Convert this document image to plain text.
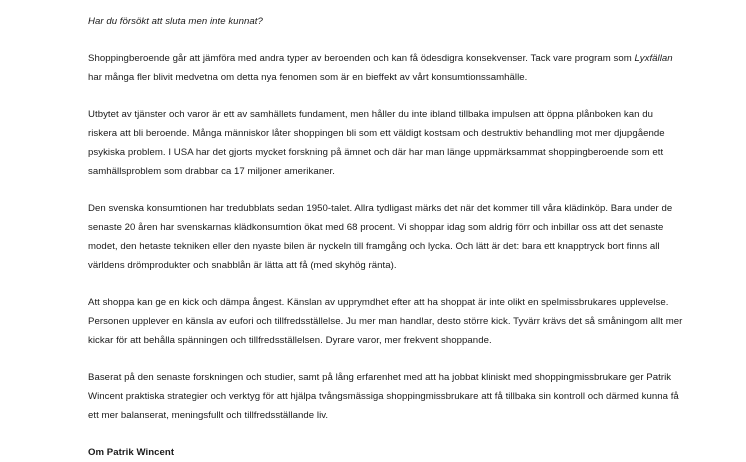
Har du försökt att sluta men inte kunnat?
Shoppingberoende går att jämföra med andra typer av beroenden och kan få ödesdigra konsekvenser. Tack vare program som Lyxfällan
har många fler blivit medvetna om detta nya fenomen som är en bieffekt av vårt konsumtionssamhälle.
Utbytet av tjänster och varor är ett av samhällets fundament, men håller du inte ibland tillbaka impulsen att öppna plånboken kan du
riskera att bli beroende. Många människor låter shoppingen bli som ett väldigt kostsam och destruktiv behandling mot mer djupgående
psykiska problem. I USA har det gjorts mycket forskning på ämnet och där har man länge uppmärksammat shoppingberoende som ett
samhällsproblem som drabbar ca 17 miljoner amerikaner.
Den svenska konsumtionen har tredubblats sedan 1950-talet. Allra tydligast märks det när det kommer till våra klädinköp. Bara under de
senaste 20 åren har svenskarnas klädkonsumtion ökat med 68 procent. Vi shoppar idag som aldrig förr och inbillar oss att det senaste
modet, den hetaste tekniken eller den nyaste bilen är nyckeln till framgång och lycka. Och lätt är det: bara ett knapptryck bort finns all
världens drömprodukter och snabblån är lätta att få (med skyhög ränta).
Att shoppa kan ge en kick och dämpa ångest. Känslan av upprymdhet efter att ha shoppat är inte olikt en spelmissbrukares upplevelse.
Personen upplever en känsla av eufori och tillfredsställelse. Ju mer man handlar, desto större kick. Tyvärr krävs det så småningom allt mer
kickar för att behålla spänningen och tillfredsställelsen. Dyrare varor, mer frekvent shoppande.
Baserat på den senaste forskningen och studier, samt på lång erfarenhet med att ha jobbat kliniskt med shoppingmissbrukare ger Patrik
Wincent praktiska strategier och verktyg för att hjälpa tvångsmässiga shoppingmissbrukare att få tillbaka sin kontroll och därmed kunna få
ett mer balanserat, meningsfullt och tillfredsställande liv.
Om Patrik Wincent
